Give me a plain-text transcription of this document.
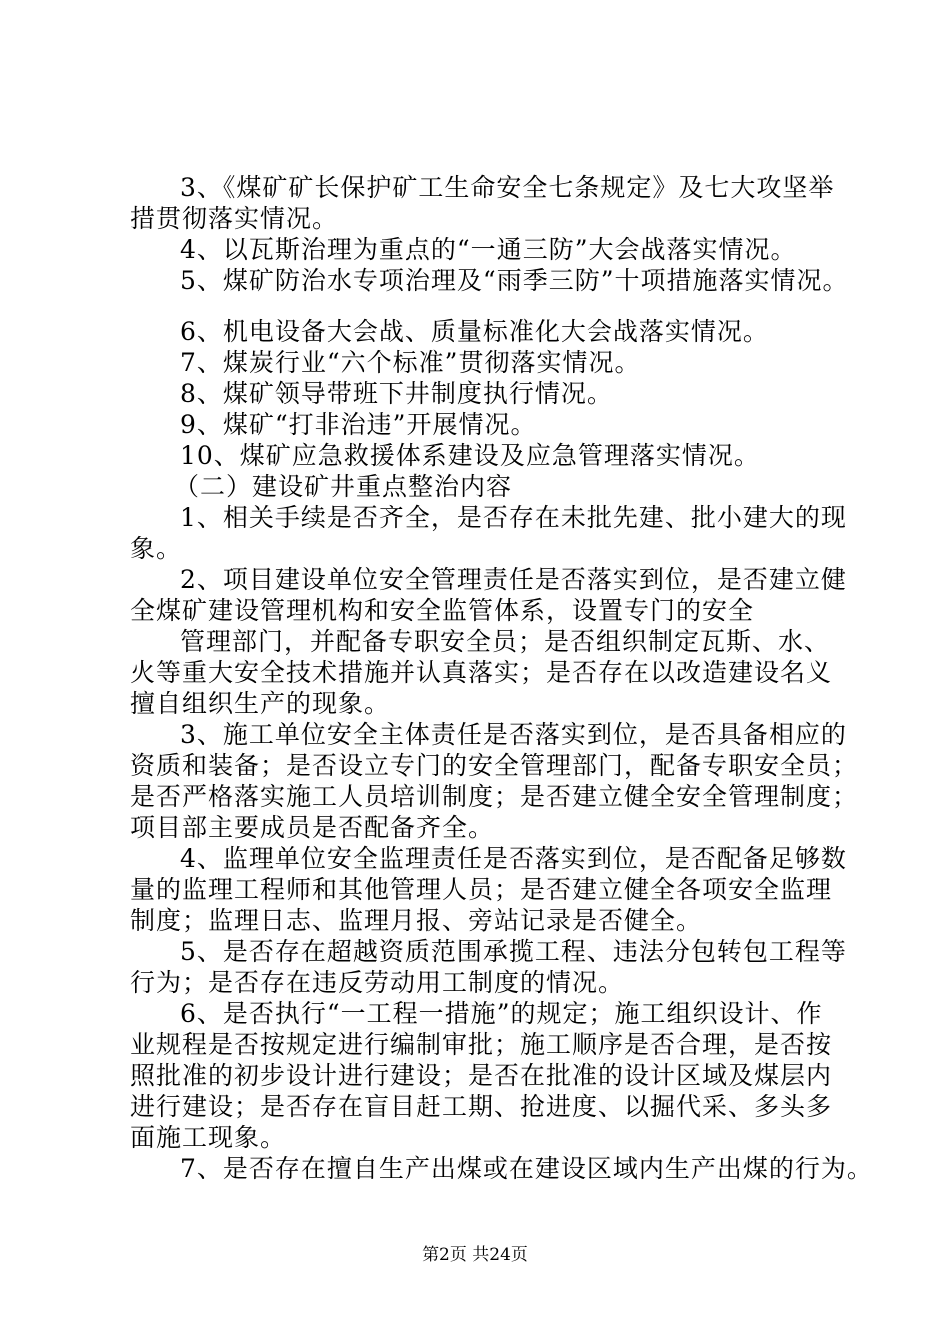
3、《煤矿矿长保护矿工生命安全七条规定》及七大攻坚举
措贯彻落实情况。
4、以瓦斯治理为重点的“一通三防”大会战落实情况。
5、煤矿防治水专项治理及“雨季三防”十项措施落实情况。
6、机电设备大会战、质量标准化大会战落实情况。
7、煤炭行业“六个标准”贯彻落实情况。
8、煤矿领导带班下井制度执行情况。
9、煤矿“打非治违”开展情况。
10、煤矿应急救援体系建设及应急管理落实情况。
（二）建设矿井重点整治内容
1、相关手续是否齐全，是否存在未批先建、批小建大的现
象。
2、项目建设单位安全管理责任是否落实到位，是否建立健
全煤矿建设管理机构和安全监管体系，设置专门的安全
管理部门，并配备专职安全员；是否组织制定瓦斯、水、
火等重大安全技术措施并认真落实；是否存在以改造建设名义
擅自组织生产的现象。
3、施工单位安全主体责任是否落实到位，是否具备相应的
资质和装备；是否设立专门的安全管理部门，配备专职安全员；
是否严格落实施工人员培训制度；是否建立健全安全管理制度；
项目部主要成员是否配备齐全。
4、监理单位安全监理责任是否落实到位，是否配备足够数
量的监理工程师和其他管理人员；是否建立健全各项安全监理
制度；监理日志、监理月报、旁站记录是否健全。
5、是否存在超越资质范围承揽工程、违法分包转包工程等
行为；是否存在违反劳动用工制度的情况。
6、是否执行“一工程一措施”的规定；施工组织设计、作
业规程是否按规定进行编制审批；施工顺序是否合理，是否按
照批准的初步设计进行建设；是否在批准的设计区域及煤层内
进行建设；是否存在盲目赶工期、抢进度、以掘代采、多头多
面施工现象。
7、是否存在擅自生产出煤或在建设区域内生产出煤的行为。
第2页 共24页
